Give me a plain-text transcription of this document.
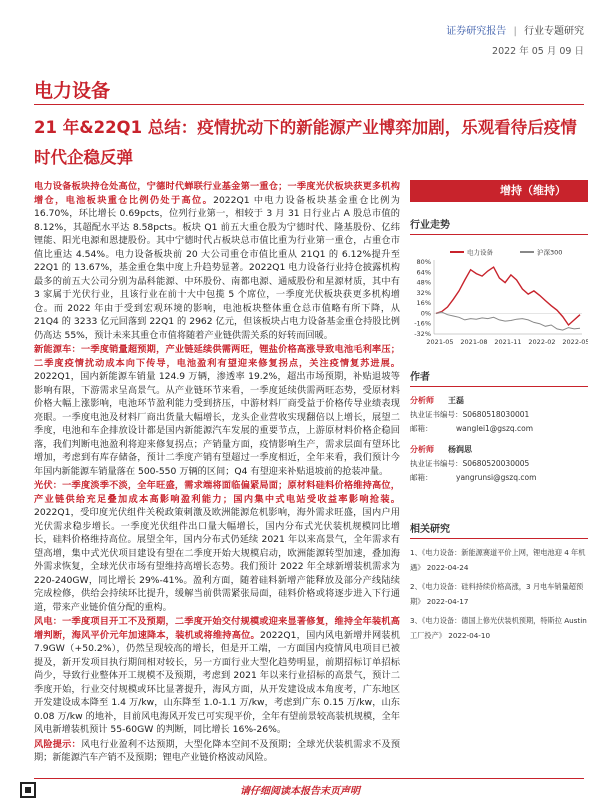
证券研究报告 | 行业专题研究
2022 年 05 月 09 日
电力设备
21 年&22Q1 总结：疫情扰动下的新能源产业博弈加剧，乐观看待后疫情时代企稳反弹
电力设备板块持仓处高位，宁德时代蝉联行业基金第一重仓；一季度光伏板块获更多机构增仓，电池板块重仓比例仍处于高位。2022Q1 中电力设备板块基金重仓比例为 16.70%，环比增长 0.69pcts，位列行业第一，相较于 3 月 31 日行业占 A 股总市值的 8.12%，其超配水平达 8.58pcts。板块 Q1 前五大重仓股为宁德时代、隆基股份、亿纬锂能、阳光电源和恩捷股份。其中宁德时代占板块总市值比重为行业第一重仓，占重仓市值比重达 4.54%。电力设备板块前 20 大公司重仓市值比重从 21Q1 的 6.12%提升至 22Q1 的 13.67%，基金重仓集中度上升趋势显著。2022Q1 电力设备行业持仓披露机构最多的前五大公司分别为晶科能源、中环股份、南都电源、通威股份和星源材质，其中有 3 家属于光伏行业，且该行业在前十大中包揽 5 个席位，一季度光伏板块获更多机构增仓。而 2022 年由于受到宏观环境的影响，电池板块整体重仓总市值略有所下降，从 21Q4 的 3233 亿元回落到 22Q1 的 2962 亿元，但该板块占电力设备基金重仓持股比例仍高达 55%，预计未来其重仓市值将随着产业链供需关系的好转而回暖。
新能源车：一季度销量超预期，产业链延续供需两旺，锂盐价格高涨导致电池毛利率压；二季度疫情扰动成本向下传导，电池盈利有望迎来修复拐点，关注疫情复苏进展。2022Q1，国内新能源车销量 124.9 万辆，渗透率 19.2%，超出市场预期，补贴退坡等影响有限，下游需求呈高景气。从产业链环节来看，一季度延续供需两旺态势，受原材料价格大幅上涨影响，电池环节盈利能力受到挤压，中游材料厂商受益于价格传导业绩表现亮眼。一季度电池及材料厂商出货量大幅增长，龙头企业营收实现翻倍以上增长，展望二季度，电池和车企排放设计都是国内新能源汽车发展的重要节点，上游原材料价格企稳回落，我们判断电池盈利将迎来修复拐点；产销量方面，疫情影响生产，需求层面有望环比增加，考虑到有库存储备，预计二季度产销有望超过一季度相近，全年来看，我们预计今年国内新能源车销量落在 500-550 万辆的区间；Q4 有望迎来补贴退坡前的抢装冲量。
光伏：一季度淡季不淡，全年旺盛，需求端将面临偏紧局面；原材料硅料价格维持高位，产业链供给充足叠加成本高影响盈利能力；国内集中式电站受收益率影响抢装。2022Q1，受印度光伏组件关税政策刺激及欧洲能源危机影响，海外需求旺盛，国内户用光伏需求稳步增长。一季度光伏组件出口量大幅增长，国内分布式光伏装机规模同比增长，硅料价格维持高位。展望全年，国内分布式仍延续 2021 年以来高景气，全年需求有望高增，集中式光伏项目建设有望在二季度开始大规模启动，欧洲能源转型加速，叠加海外需求恢复，全球光伏市场有望维持高增长态势。我们预计 2022 年全球新增装机需求为 220-240GW，同比增长 29%-41%。盈利方面，随着硅料新增产能释放及部分产线陆续完成检修，供给会持续环比提升，缓解当前供需紧张局面，硅料价格或将逐步进入下行通道，带来产业链价值分配的重构。
风电：一季度项目开工不及预期，二季度开始交付规模或迎来显著修复，维持全年装机高增判断，海风平价元年加速降本，装机或将维持高位。2022Q1，国内风电新增并网装机 7.9GW（+50.2%），仍然呈现较高的增长，但是开工端，一方面国内疫情风电项目已被提及，新开发项目执行期间相对较长，另一方面行业大型化趋势明显，前期招标订单招标尚少，导致行业整体开工规模不及预期，考虑到 2021 年以来行业招标的高景气，预计二季度开始，行业交付规模或环比显著提升，海风方面，从开发建设成本角度考，广东地区开发建设成本降至 1.4 万/kw，山东降至 1.0-1.1 万/kw，考虑到广东 0.15 万/kw，山东 0.08 万/kw 的地补，目前风电海风开发已可实现平价，全年有望前景较高装机规模，全年风电新增装机预计 55-60GW 的判断，同比增长 16%-26%。
风险提示：风电行业盈利不达预期，大型化降本空间不及预期；全球光伏装机需求不及预期；新能源汽车产销不及预期；锂电产业链价格波动风险。
增持（维持）
行业走势
电力设备	沪深300
80%
64%
48%
32%
16%
0%
-16%
-32%
2021-05 2021-08 2021-11 2022-02 2022-05
作者
分析师 王磊
执业证书编号：S0680518030001
邮箱：	wanglei1@gszq.com
分析师 杨润思
执业证书编号：S0680520030005
邮箱：	yangrunsi@gszq.com
相关研究
1、《电力设备：新能源赛道平价上网，锂电池迎 4 年机遇》 2022-04-24
2、《电力设备：硅料持续价格高涨，3 月电车销量超预期》 2022-04-17
3、《电力设备：德国上修光伏装机预期，特斯拉 Austin 工厂投产》 2022-04-10
请仔细阅读本报告末页声明
